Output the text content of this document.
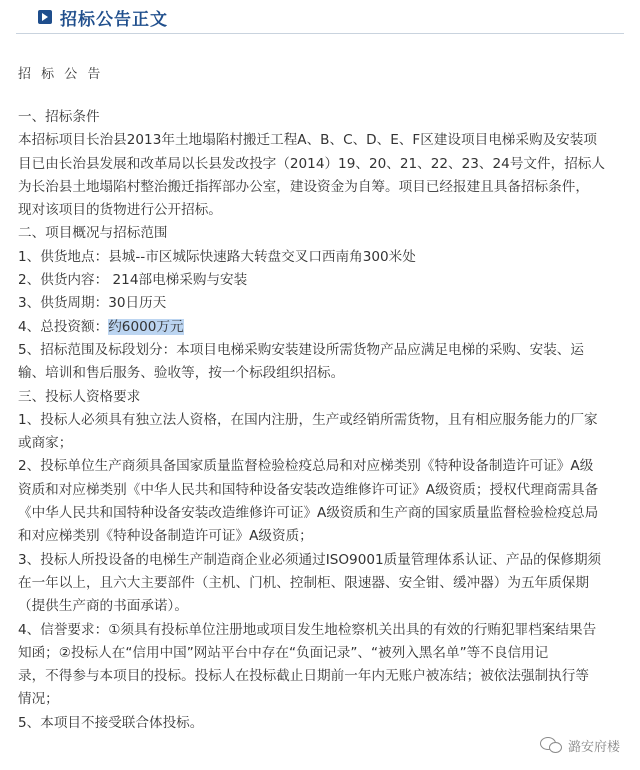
招标公告正文
招 标 公 告
一、招标条件
本招标项目长治县2013年土地塌陷村搬迁工程A、B、C、D、E、F区建设项目电梯采购及安装项
目已由长治县发展和改革局以长县发改投字（2014）19、20、21、22、23、24号文件，招标人
为长治县土地塌陷村整治搬迁指挥部办公室，建设资金为自筹。项目已经报建且具备招标条件，
现对该项目的货物进行公开招标。
二、项目概况与招标范围
1、供货地点：县城--市区城际快速路大转盘交叉口西南角300米处
2、供货内容： 214部电梯采购与安装
3、供货周期：30日历天
4、总投资额：约6000万元
5、招标范围及标段划分：本项目电梯采购安装建设所需货物产品应满足电梯的采购、安装、运
输、培训和售后服务、验收等，按一个标段组织招标。
三、投标人资格要求
1、投标人必须具有独立法人资格，在国内注册，生产或经销所需货物，且有相应服务能力的厂家
或商家；
2、投标单位生产商须具备国家质量监督检验检疫总局和对应梯类别《特种设备制造许可证》A级
资质和对应梯类别《中华人民共和国特种设备安装改造维修许可证》A级资质；授权代理商需具备
《中华人民共和国特种设备安装改造维修许可证》A级资质和生产商的国家质量监督检验检疫总局
和对应梯类别《特种设备制造许可证》A级资质；
3、投标人所投设备的电梯生产制造商企业必须通过ISO9001质量管理体系认证、产品的保修期须
在一年以上，且六大主要部件（主机、门机、控制柜、限速器、安全钳、缓冲器）为五年质保期
（提供生产商的书面承诺）。
4、信誉要求：①须具有投标单位注册地或项目发生地检察机关出具的有效的行贿犯罪档案结果告
知函；②投标人在“信用中国”网站平台中存在“负面记录”、“被列入黑名单”等不良信用记
录，不得参与本项目的投标。投标人在投标截止日期前一年内无账户被冻结；被依法强制执行等
情况；
5、本项目不接受联合体投标。
潞安府楼
